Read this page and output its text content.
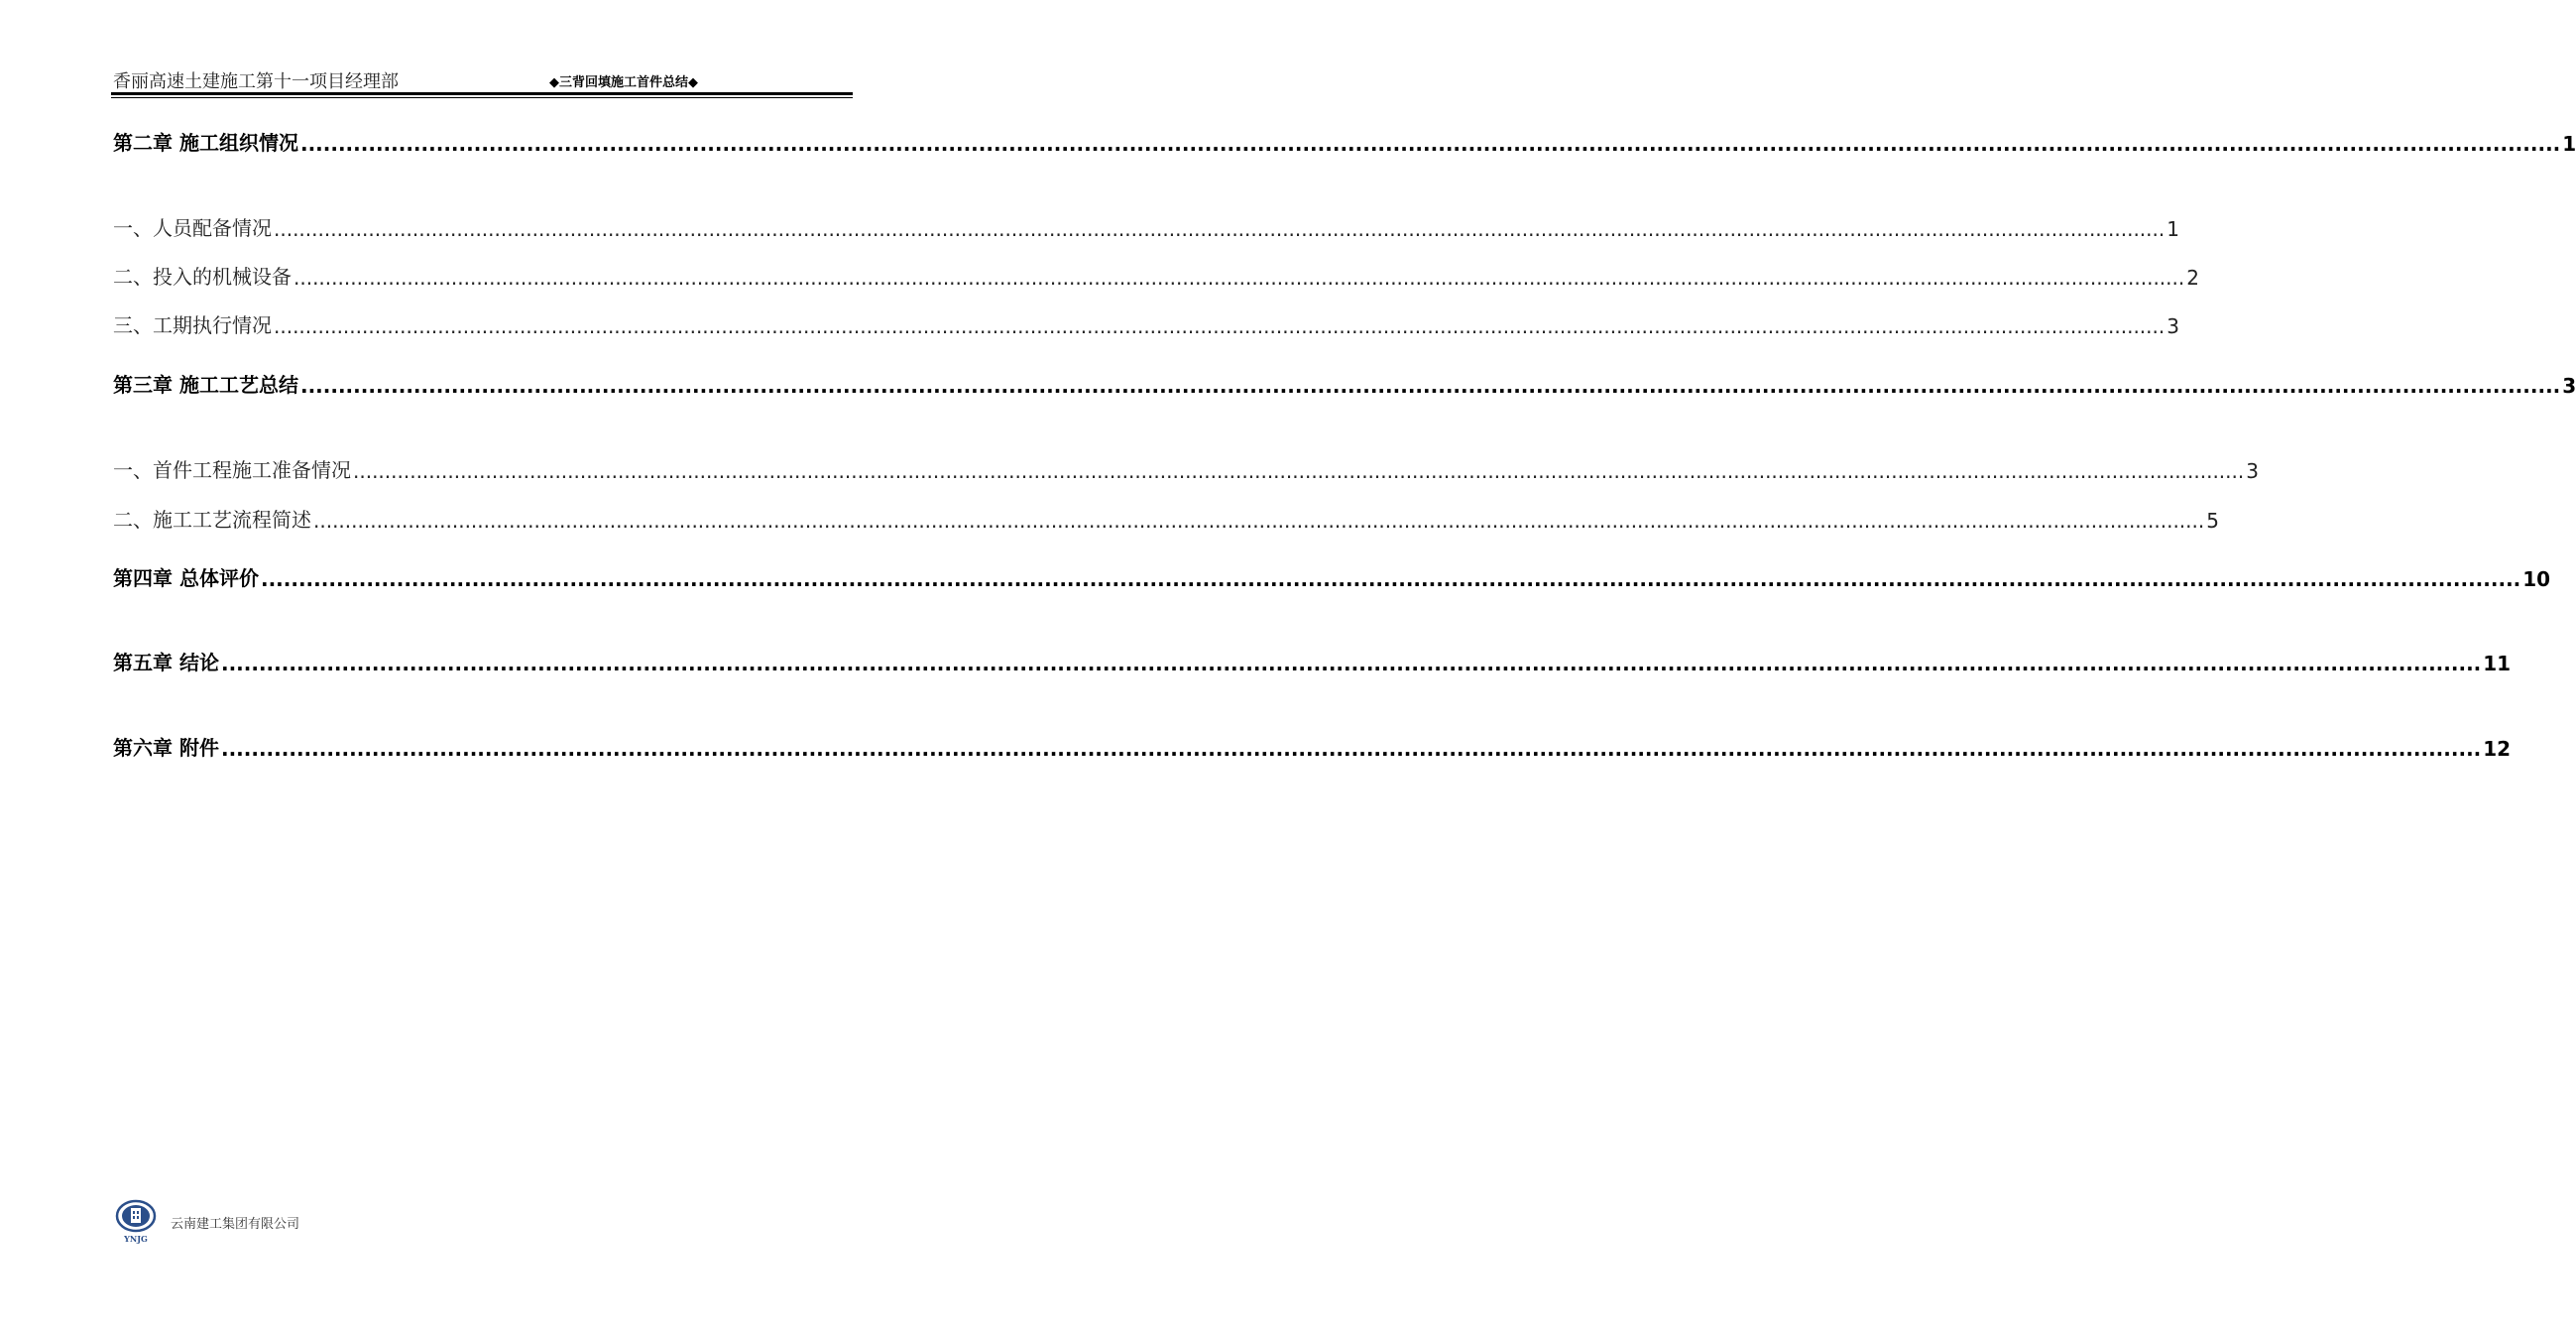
香丽高速土建施工第十一项目经理部	◆三背回填施工首件总结◆
第二章 施工组织情况 ............................................................................................................................................................................................................................................................................................................ 1
一、人员配备情况 ............................................................................................................................................................................................................................................................................................................ 1
二、投入的机械设备 ............................................................................................................................................................................................................................................................................................................ 2
三、工期执行情况 ............................................................................................................................................................................................................................................................................................................ 3
第三章 施工工艺总结 ............................................................................................................................................................................................................................................................................................................ 3
一、首件工程施工准备情况 ............................................................................................................................................................................................................................................................................................................ 3
二、施工工艺流程简述 ............................................................................................................................................................................................................................................................................................................ 5
第四章 总体评价 ............................................................................................................................................................................................................................................................................................................ 10
第五章 结论 ............................................................................................................................................................................................................................................................................................................ 11
第六章 附件 ............................................................................................................................................................................................................................................................................................................ 12
YNJG
云南建工集团有限公司
